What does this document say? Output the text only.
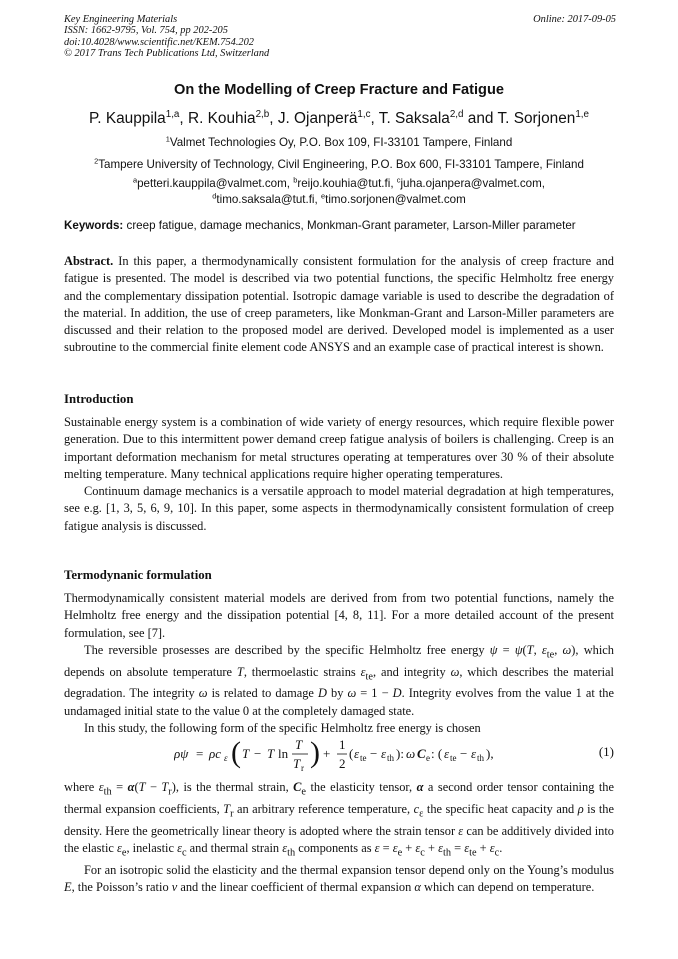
Key Engineering Materials
ISSN: 1662-9795, Vol. 754, pp 202-205
doi:10.4028/www.scientific.net/KEM.754.202
© 2017 Trans Tech Publications Ltd, Switzerland
Online: 2017-09-05
On the Modelling of Creep Fracture and Fatigue
P. Kauppila$^{1,a}$, R. Kouhia$^{2,b}$, J. Ojanperä$^{1,c}$, T. Saksala$^{2,d}$ and T. Sorjonen$^{1,e}$
$^1$Valmet Technologies Oy, P.O. Box 109, FI-33101 Tampere, Finland
$^2$Tampere University of Technology, Civil Engineering, P.O. Box 600, FI-33101 Tampere, Finland
$^a$petteri.kauppila@valmet.com, $^b$reijo.kouhia@tut.fi, $^c$juha.ojanpera@valmet.com,
$^d$timo.saksala@tut.fi, $^e$timo.sorjonen@valmet.com
Keywords: creep fatigue, damage mechanics, Monkman-Grant parameter, Larson-Miller parameter
Abstract. In this paper, a thermodynamically consistent formulation for the analysis of creep fracture and fatigue is presented. The model is described via two potential functions, the specific Helmholtz free energy and the complementary dissipation potential. Isotropic damage variable is used to describe the degradation of the material. In addition, the use of creep parameters, like Monkman-Grant and Larson-Miller parameters are discussed and their relation to the proposed model are derived. Developed model is implemented as a user subroutine to the commercial finite element code ANSYS and an example case of practical interest is shown.
Introduction
Sustainable energy system is a combination of wide variety of energy resources, which require flexible power generation. Due to this intermittent power demand creep fatigue analysis of boilers is challenging. Creep is an important deformation mechanism for metal structures operating at temperatures over 30 % of their absolute melting temperature. Many technical applications require higher operating temperatures.
Continuum damage mechanics is a versatile approach to model material degradation at high temperatures, see e.g. [1, 3, 5, 6, 9, 10]. In this paper, some aspects in thermodynamically consistent formulation of creep fatigue analysis is discussed.
Termodynanic formulation
Thermodynamically consistent material models are derived from from two potential functions, namely the Helmholtz free energy and the dissipation potential [4, 8, 11]. For a more detailed account of the present formulation, see [7].
The reversible prosesses are described by the specific Helmholtz free energy ψ = ψ(T, $\varepsilon_{te}$, ω), which depends on absolute temperature T, thermoelastic strains $\varepsilon_{te}$, and integrity ω, which describes the material degradation. The integrity ω is related to damage D by ω = 1 − D. Integrity evolves from the value 1 at the undamaged initial state to the value 0 at the completely damaged state.
In this study, the following form of the specific Helmholtz free energy is chosen
ρψ = ρc ε ( T − T ln
T
T r ) +
1
2
( ε te − ε th ): ω C e : ( ε te − ε th ),	(1)
where $\varepsilon_{th} = \alpha(T - T_r)$, is the thermal strain, $C_e$ the elasticity tensor, α a second order tensor containing the thermal expansion coefficients, $T_r$ an arbitrary reference temperature, $c_\varepsilon$ the specific heat capacity and ρ is the density. Here the geometrically linear theory is adopted where the strain tensor ε can be additively divided into the elastic $\varepsilon_e$, inelastic $\varepsilon_c$ and thermal strain $\varepsilon_{th}$ components as $\varepsilon = \varepsilon_e + \varepsilon_c + \varepsilon_{th} = \varepsilon_{te} + \varepsilon_c$.
For an isotropic solid the elasticity and the thermal expansion tensor depend only on the Young’s modulus E, the Poisson’s ratio ν and the linear coefficient of thermal expansion α which can depend on temperature.
